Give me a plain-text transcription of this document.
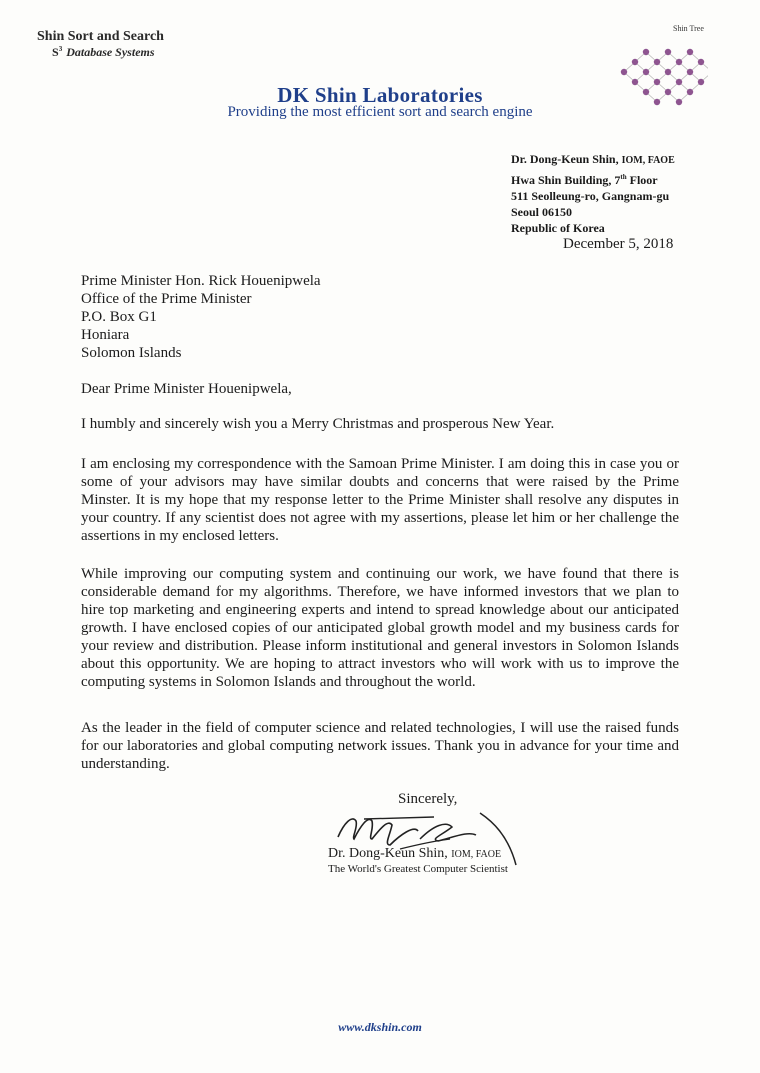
Shin Sort and Search
$S^3$ Database Systems
DK Shin Laboratories
Providing the most efficient sort and search engine
Shin Tree
Dr. Dong-Keun Shin, IOM, FAOE
Hwa Shin Building, 7th Floor
511 Seolleung-ro, Gangnam-gu
Seoul 06150
Republic of Korea
December 5, 2018
Prime Minister Hon. Rick Houenipwela
Office of the Prime Minister
P.O. Box G1
Honiara
Solomon Islands
Dear Prime Minister Houenipwela,
I humbly and sincerely wish you a Merry Christmas and prosperous New Year.
I am enclosing my correspondence with the Samoan Prime Minister. I am doing this in case you or some of your advisors may have similar doubts and concerns that were raised by the Prime Minster. It is my hope that my response letter to the Prime Minister shall resolve any disputes in your country. If any scientist does not agree with my assertions, please let him or her challenge the assertions in my enclosed letters.
While improving our computing system and continuing our work, we have found that there is considerable demand for my algorithms. Therefore, we have informed investors that we plan to hire top marketing and engineering experts and intend to spread knowledge about our anticipated growth. I have enclosed copies of our anticipated global growth model and my business cards for your review and distribution. Please inform institutional and general investors in Solomon Islands about this opportunity. We are hoping to attract investors who will work with us to improve the computing systems in Solomon Islands and throughout the world.
As the leader in the field of computer science and related technologies, I will use the raised funds for our laboratories and global computing network issues. Thank you in advance for your time and understanding.
Sincerely,
Dr. Dong-Keun Shin, IOM, FAOE
The World's Greatest Computer Scientist
www.dkshin.com
